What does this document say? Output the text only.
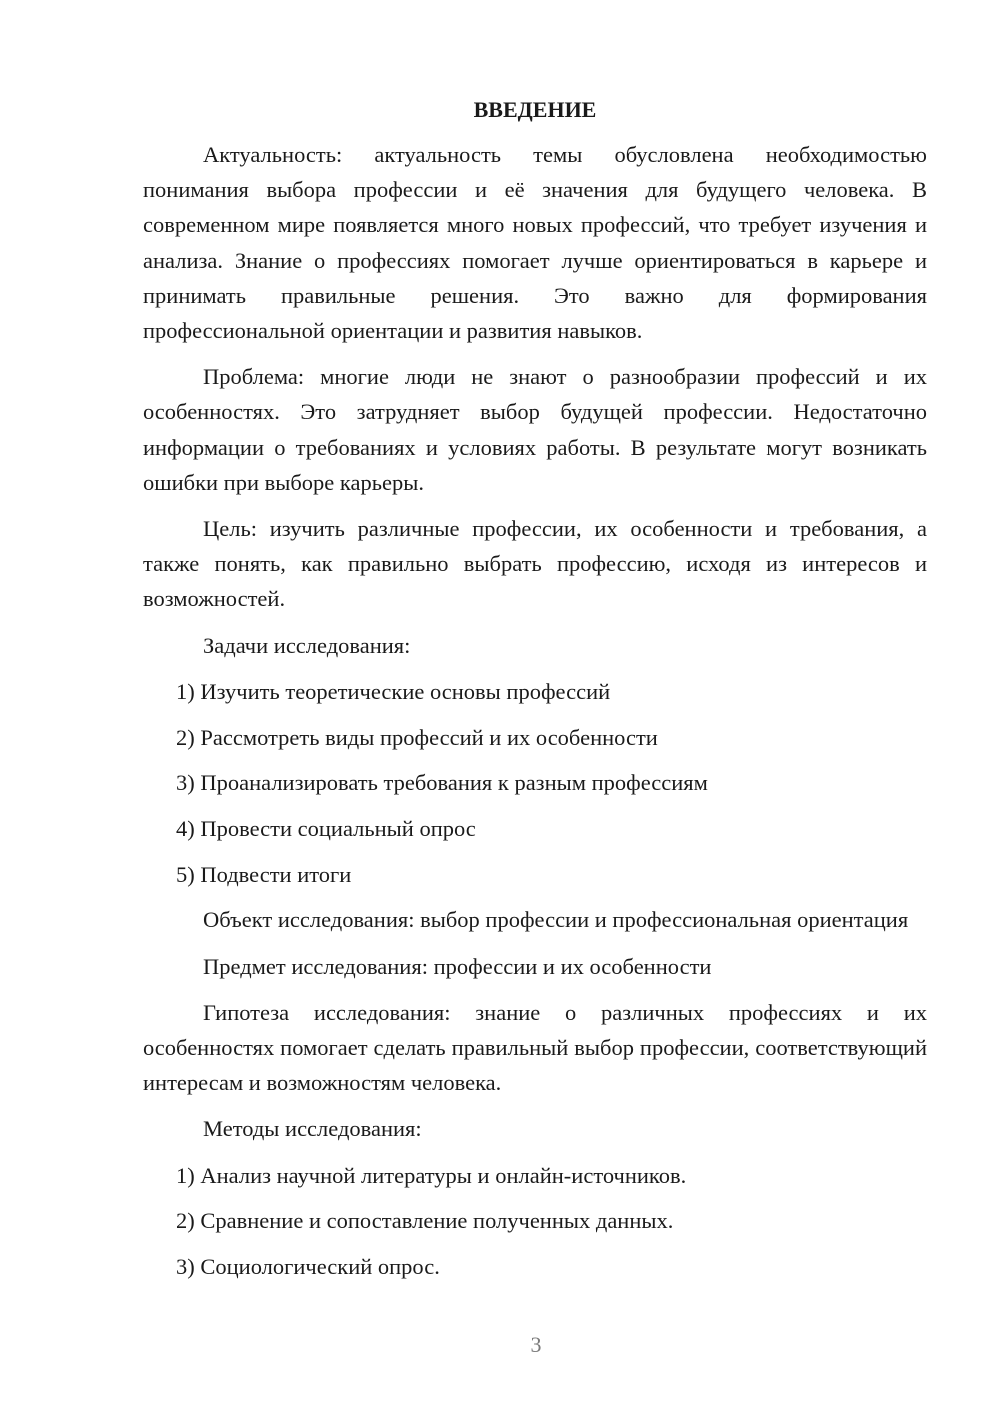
ВВЕДЕНИЕ
Актуальность: актуальность темы обусловлена необходимостью понимания выбора профессии и её значения для будущего человека. В современном мире появляется много новых профессий, что требует изучения и анализа. Знание о профессиях помогает лучше ориентироваться в карьере и принимать правильные решения. Это важно для формирования профессиональной ориентации и развития навыков.
Проблема: многие люди не знают о разнообразии профессий и их особенностях. Это затрудняет выбор будущей профессии. Недостаточно информации о требованиях и условиях работы. В результате могут возникать ошибки при выборе карьеры.
Цель: изучить различные профессии, их особенности и требования, а также понять, как правильно выбрать профессию, исходя из интересов и возможностей.
Задачи исследования:
1) Изучить теоретические основы профессий
2) Рассмотреть виды профессий и их особенности
3) Проанализировать требования к разным профессиям
4) Провести социальный опрос
5) Подвести итоги
Объект исследования: выбор профессии и профессиональная ориентация
Предмет исследования: профессии и их особенности
Гипотеза исследования: знание о различных профессиях и их особенностях помогает сделать правильный выбор профессии, соответствующий интересам и возможностям человека.
Методы исследования:
1) Анализ научной литературы и онлайн-источников.
2) Сравнение и сопоставление полученных данных.
3) Социологический опрос.
3
